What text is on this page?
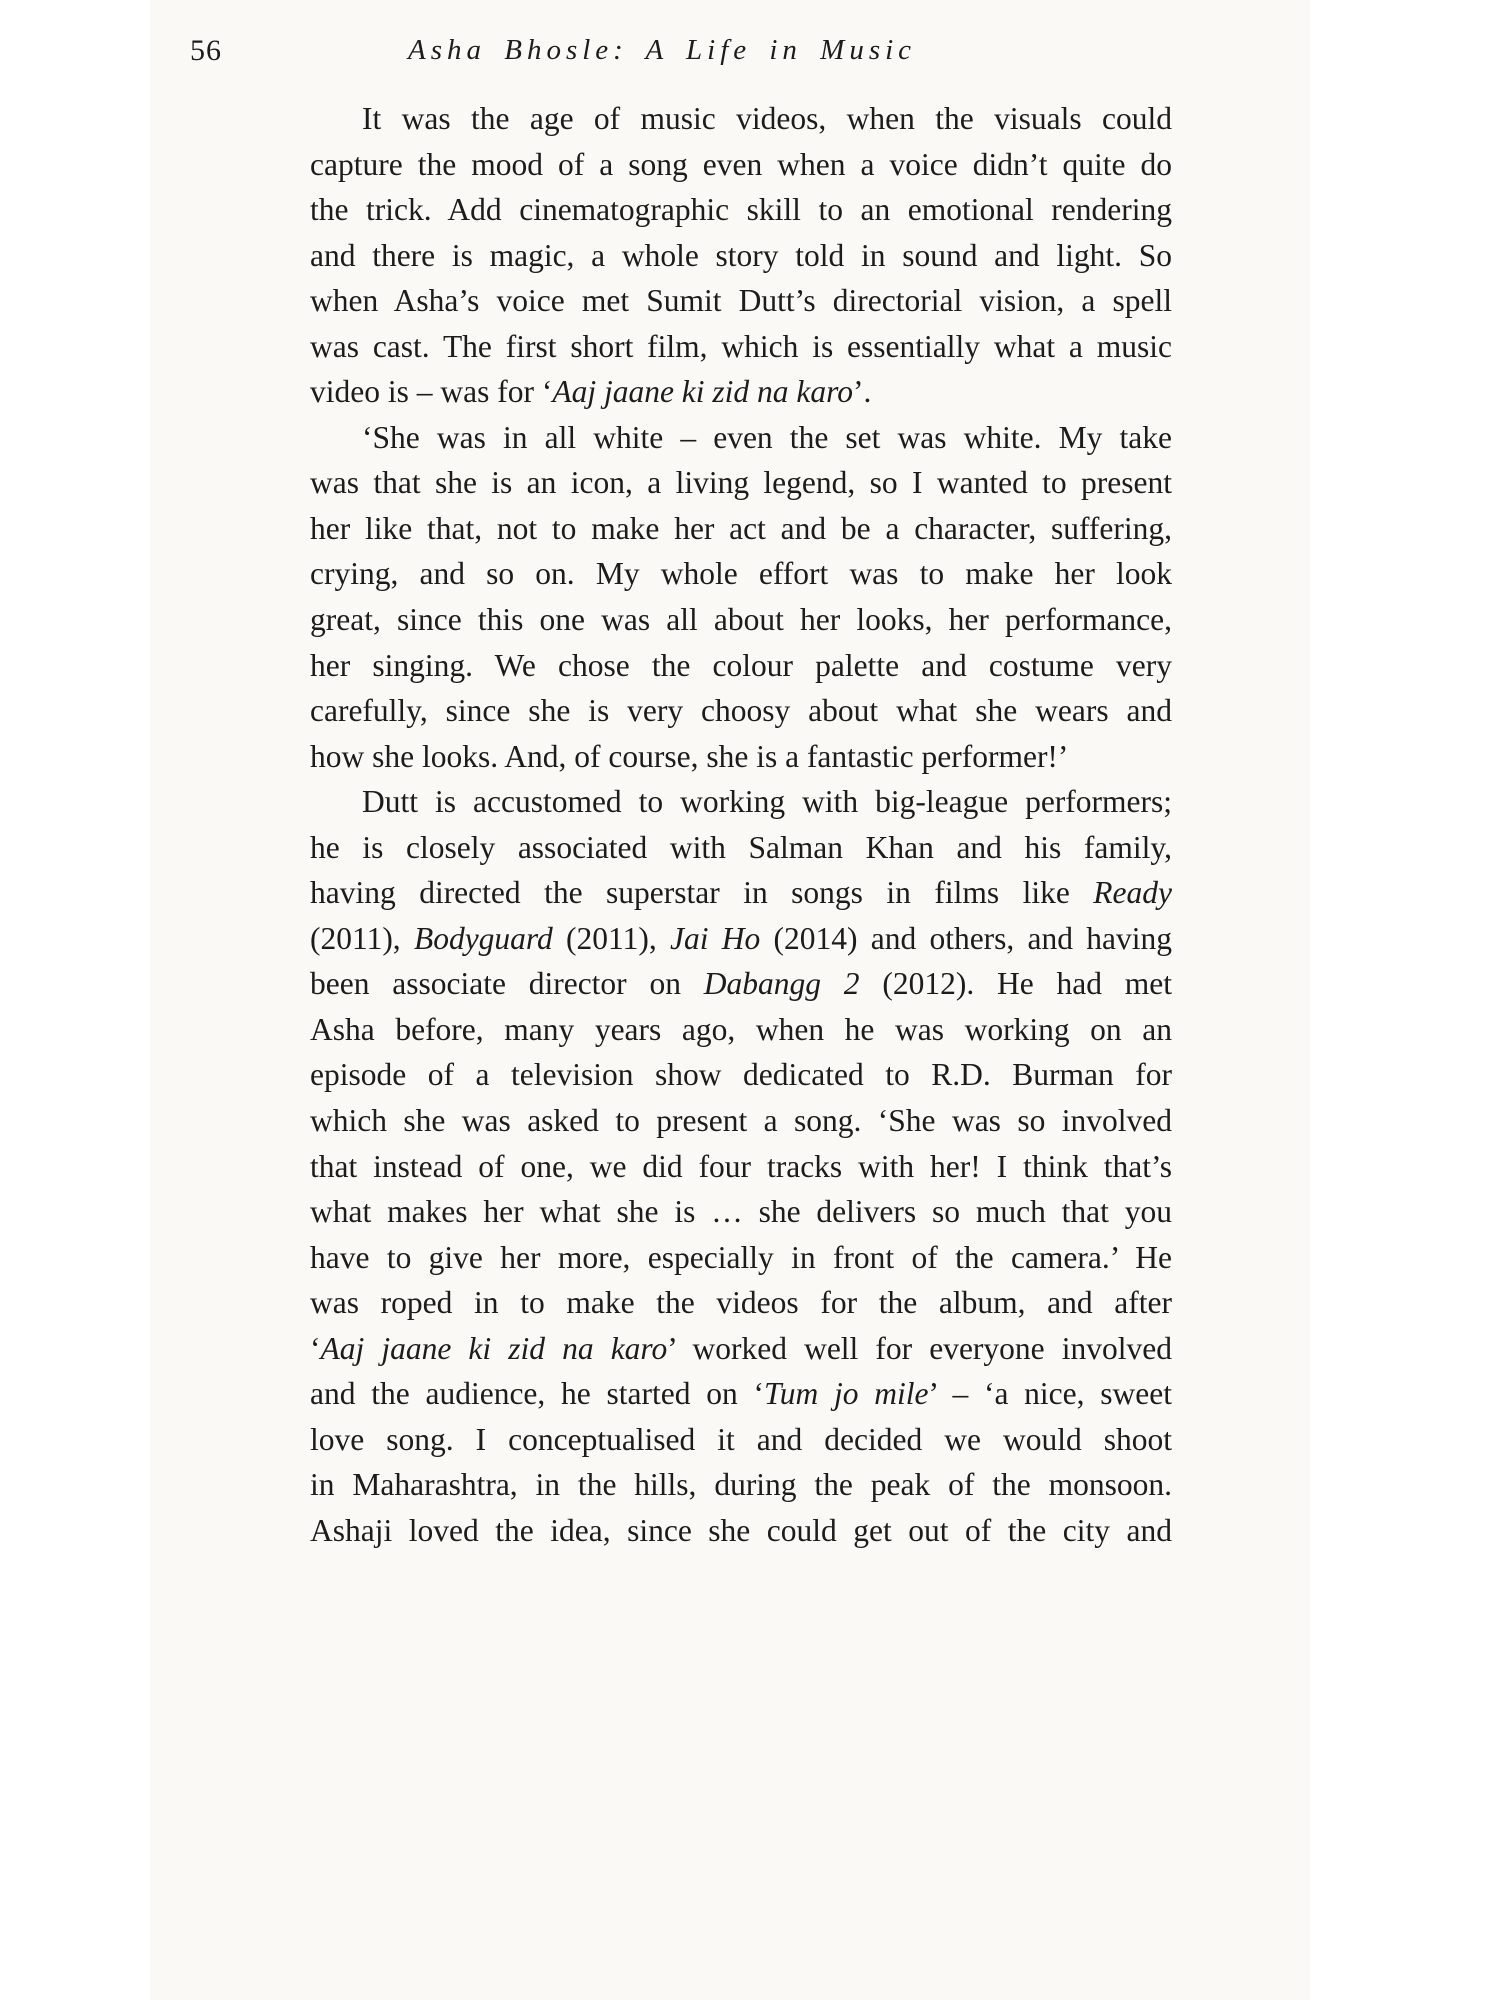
56	Asha Bhosle: A Life in Music
It was the age of music videos, when the visuals could
capture the mood of a song even when a voice didn’t quite do
the trick. Add cinematographic skill to an emotional rendering
and there is magic, a whole story told in sound and light. So
when Asha’s voice met Sumit Dutt’s directorial vision, a spell
was cast. The first short film, which is essentially what a music
video is – was for ‘Aaj jaane ki zid na karo’.
‘She was in all white – even the set was white. My take
was that she is an icon, a living legend, so I wanted to present
her like that, not to make her act and be a character, suffering,
crying, and so on. My whole effort was to make her look
great, since this one was all about her looks, her performance,
her singing. We chose the colour palette and costume very
carefully, since she is very choosy about what she wears and
how she looks. And, of course, she is a fantastic performer!’
Dutt is accustomed to working with big-league performers;
he is closely associated with Salman Khan and his family,
having directed the superstar in songs in films like Ready
(2011), Bodyguard (2011), Jai Ho (2014) and others, and having
been associate director on Dabangg 2 (2012). He had met
Asha before, many years ago, when he was working on an
episode of a television show dedicated to R.D. Burman for
which she was asked to present a song. ‘She was so involved
that instead of one, we did four tracks with her! I think that’s
what makes her what she is … she delivers so much that you
have to give her more, especially in front of the camera.’ He
was roped in to make the videos for the album, and after
‘Aaj jaane ki zid na karo’ worked well for everyone involved
and the audience, he started on ‘Tum jo mile’ – ‘a nice, sweet
love song. I conceptualised it and decided we would shoot
in Maharashtra, in the hills, during the peak of the monsoon.
Ashaji loved the idea, since she could get out of the city and
